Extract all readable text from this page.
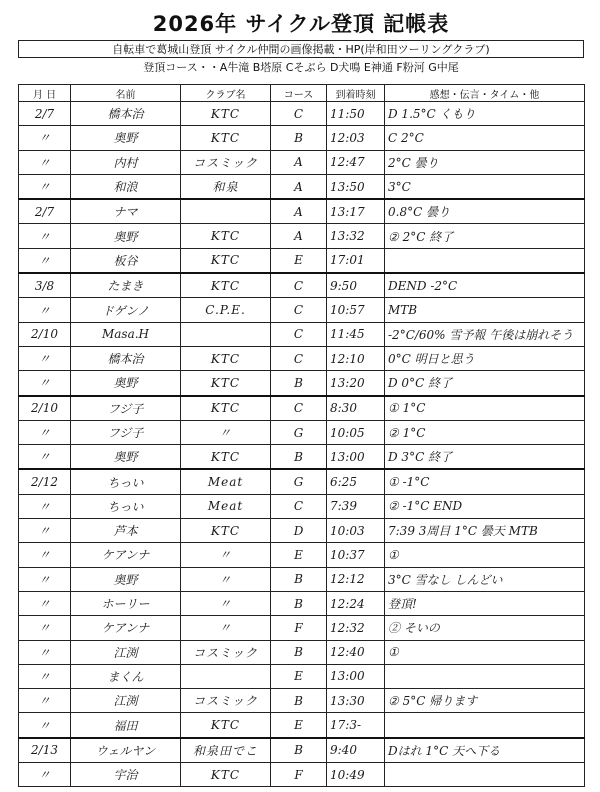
2026年 サイクル登頂 記帳表
自転車で葛城山登頂 サイクル仲間の画像掲載・HP(岸和田ツーリングクラブ)
登頂コース・・A牛滝 B塔原 Cそぶら D犬鳴 E神通 F粉河 G中尾
月 日	名前	クラブ名	コース	到着時刻	感想・伝言・タイム・他
2/7	橋本治	KTC	C	11:50	D 1.5°C くもり
〃	奥野	KTC	B	12:03	C 2°C
〃	内村	コスミック	A	12:47	2°C 曇り
〃	和浪	和泉	A	13:50	3°C
2/7	ナマ		A	13:17	0.8°C 曇り
〃	奥野	KTC	A	13:32	② 2°C 終了
〃	板谷	KTC	E	17:01	
3/8	たまき	KTC	C	9:50	DEND -2°C
〃	ドゲンノ	C.P.E.	C	10:57	MTB
2/10	Masa.H		C	11:45	-2°C/60% 雪予報 午後は崩れそう
〃	橋本治	KTC	C	12:10	0°C 明日と思う
〃	奥野	KTC	B	13:20	D 0°C 終了
2/10	フジ子	KTC	C	8:30	① 1°C
〃	フジ子	〃	G	10:05	② 1°C
〃	奥野	KTC	B	13:00	D 3°C 終了
2/12	ちっい	Meat	G	6:25	① -1°C
〃	ちっい	Meat	C	7:39	② -1°C END
〃	芦本	KTC	D	10:03	7:39 3周目 1°C 曇天 MTB
〃	ケアンナ	〃	E	10:37	①
〃	奥野	〃	B	12:12	3°C 雪なし しんどい
〃	ホーリー	〃	B	12:24	登頂!
〃	ケアンナ	〃	F	12:32	② そいの
〃	江渕	コスミック	B	12:40	①
〃	まくん		E	13:00	
〃	江渕	コスミック	B	13:30	② 5°C 帰ります
〃	福田	KTC	E	17:3-	
2/13	ウェルヤン	和泉田でこ	B	9:40	Dはれ 1°C 天へ下る
〃	宇治	KTC	F	10:49	
